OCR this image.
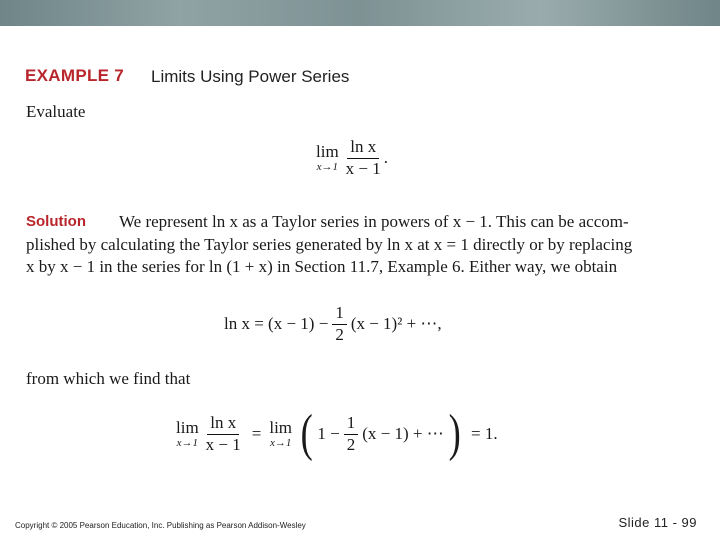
EXAMPLE 7 Limits Using Power Series
Evaluate
lim
$x\to 1 \frac{\text{ln x}}{x - 1}$ .
Solution We represent ln x as a Taylor series in powers of x − 1. This can be accom-
plished by calculating the Taylor series generated by ln x at x = 1 directly or by replacing
x by x − 1 in the series for ln (1 + x) in Section 11.7, Example 6. Either way, we obtain
$\ln x = (x - 1) - \frac{1}{2} (x - 1)^2$ + ⋯,
from which we find that
lim
$x\to 1 \frac{\text{ln x}}{x - 1} = \lim$
x→1 ( $1 - \frac{1}{2} (x - 1)$ + ⋯ ) = 1.
Copyright © 2005 Pearson Education, Inc. Publishing as Pearson Addison-Wesley	Slide 11 - 99
